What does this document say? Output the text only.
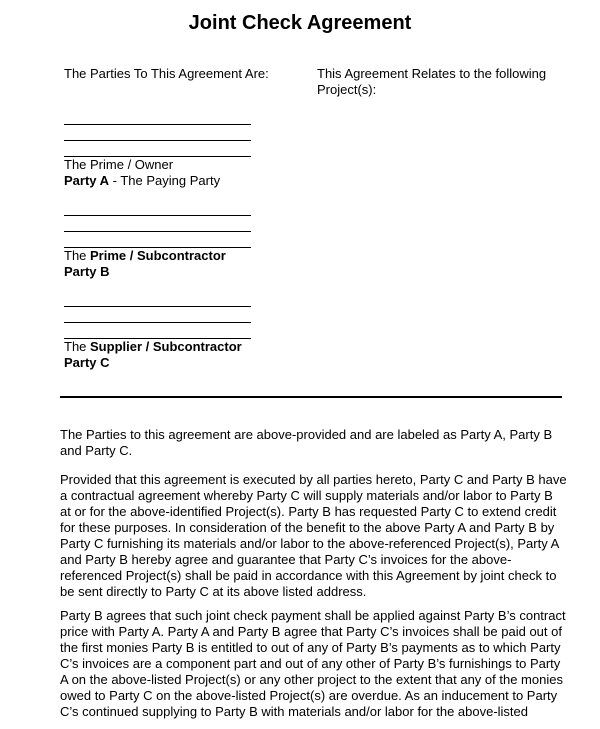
Joint Check Agreement
The Parties To This Agreement Are:	This Agreement Relates to the following
Project(s):
The Prime / Owner
Party A - The Paying Party
The Prime / Subcontractor
Party B
The Supplier / Subcontractor
Party C
The Parties to this agreement are above-provided and are labeled as Party A, Party B
and Party C.
Provided that this agreement is executed by all parties hereto, Party C and Party B have
a contractual agreement whereby Party C will supply materials and/or labor to Party B
at or for the above-identified Project(s). Party B has requested Party C to extend credit
for these purposes. In consideration of the benefit to the above Party A and Party B by
Party C furnishing its materials and/or labor to the above-referenced Project(s), Party A
and Party B hereby agree and guarantee that Party C’s invoices for the above-
referenced Project(s) shall be paid in accordance with this Agreement by joint check to
be sent directly to Party C at its above listed address.
Party B agrees that such joint check payment shall be applied against Party B’s contract
price with Party A. Party A and Party B agree that Party C’s invoices shall be paid out of
the first monies Party B is entitled to out of any of Party B’s payments as to which Party
C’s invoices are a component part and out of any other of Party B’s furnishings to Party
A on the above-listed Project(s) or any other project to the extent that any of the monies
owed to Party C on the above-listed Project(s) are overdue. As an inducement to Party
C’s continued supplying to Party B with materials and/or labor for the above-listed
